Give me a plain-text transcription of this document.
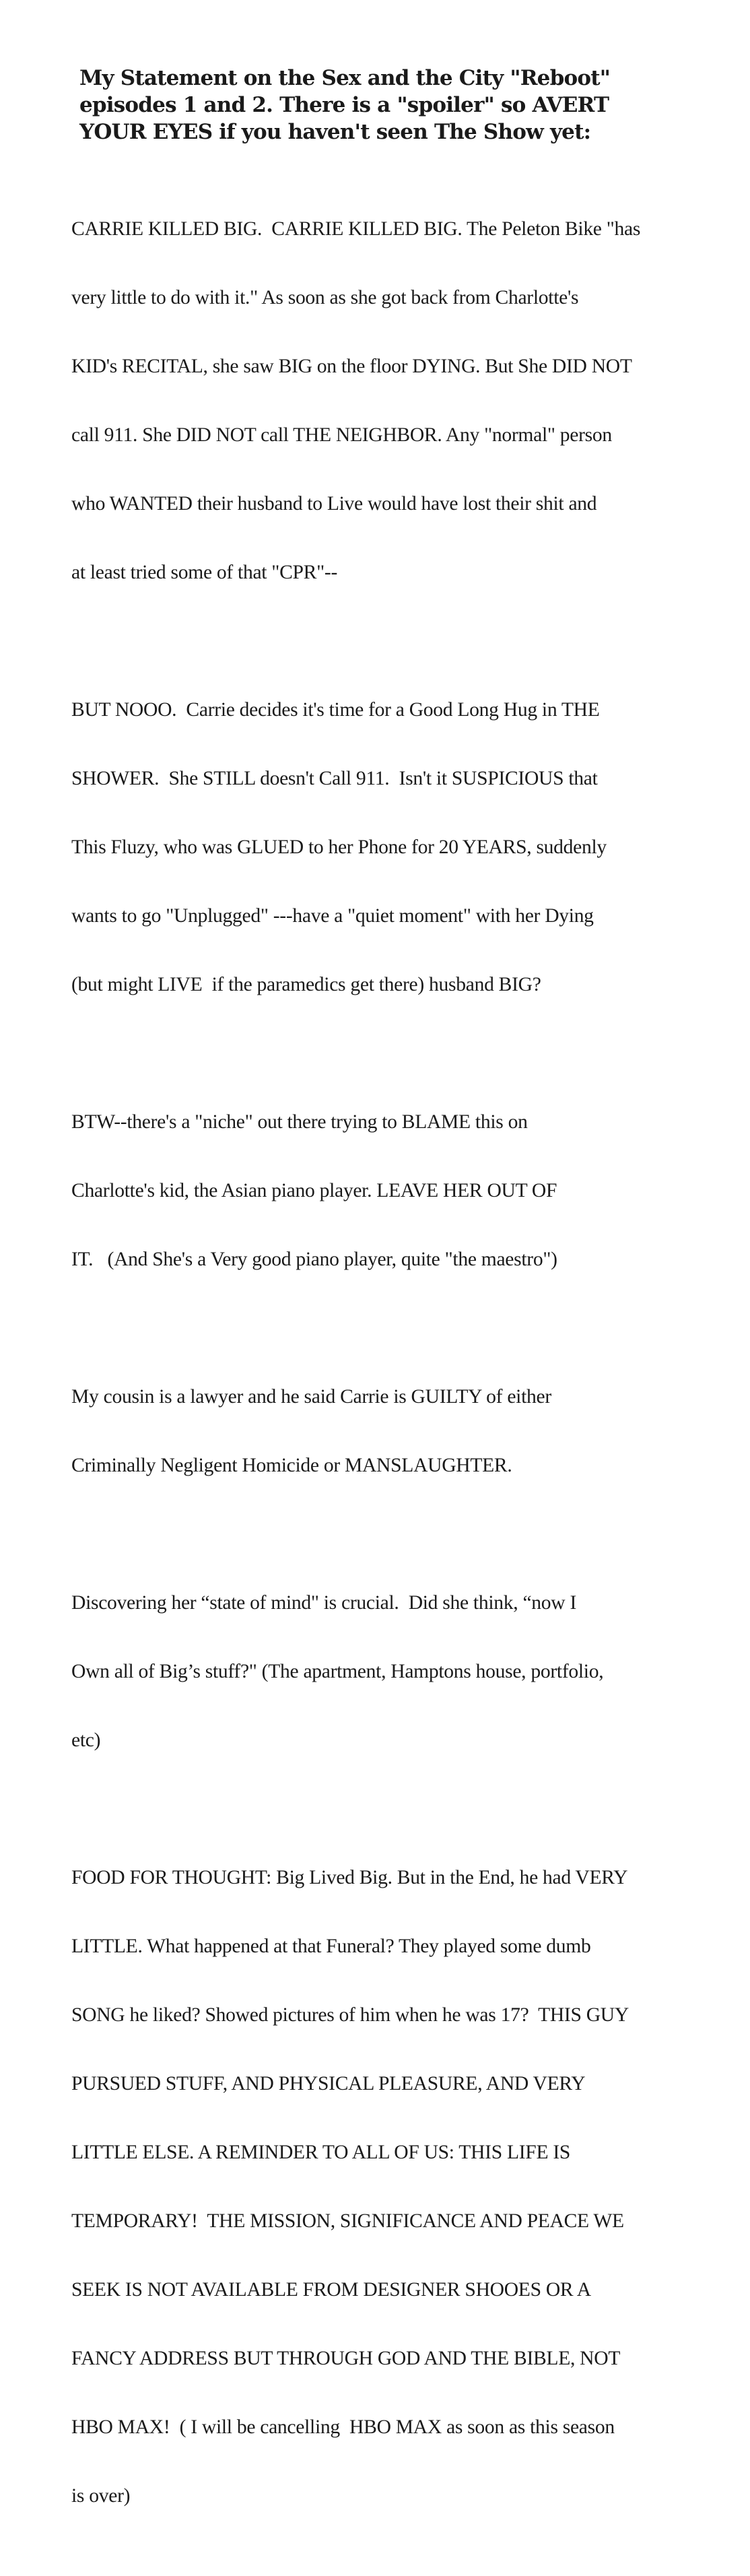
My Statement on the Sex and the City "Reboot"
episodes 1 and 2. There is a "spoiler" so AVERT
YOUR EYES if you haven't seen The Show yet:

CARRIE KILLED BIG.  CARRIE KILLED BIG. The Peleton Bike "has

very little to do with it." As soon as she got back from Charlotte's

KID's RECITAL, she saw BIG on the floor DYING. But She DID NOT

call 911. She DID NOT call THE NEIGHBOR. Any "normal" person

who WANTED their husband to Live would have lost their shit and

at least tried some of that "CPR"--

BUT NOOO.  Carrie decides it's time for a Good Long Hug in THE

SHOWER.  She STILL doesn't Call 911.  Isn't it SUSPICIOUS that

This Fluzy, who was GLUED to her Phone for 20 YEARS, suddenly

wants to go "Unplugged" ---have a "quiet moment" with her Dying

(but might LIVE  if the paramedics get there) husband BIG?

BTW--there's a "niche" out there trying to BLAME this on

Charlotte's kid, the Asian piano player. LEAVE HER OUT OF

IT.   (And She's a Very good piano player, quite "the maestro")

My cousin is a lawyer and he said Carrie is GUILTY of either

Criminally Negligent Homicide or MANSLAUGHTER.

Discovering her “state of mind" is crucial.  Did she think, “now I

Own all of Big’s stuff?" (The apartment, Hamptons house, portfolio,

etc)

FOOD FOR THOUGHT: Big Lived Big. But in the End, he had VERY

LITTLE. What happened at that Funeral? They played some dumb

SONG he liked? Showed pictures of him when he was 17?  THIS GUY

PURSUED STUFF, AND PHYSICAL PLEASURE, AND VERY

LITTLE ELSE. A REMINDER TO ALL OF US: THIS LIFE IS

TEMPORARY!  THE MISSION, SIGNIFICANCE AND PEACE WE

SEEK IS NOT AVAILABLE FROM DESIGNER SHOOES OR A

FANCY ADDRESS BUT THROUGH GOD AND THE BIBLE, NOT

HBO MAX!  ( I will be cancelling  HBO MAX as soon as this season

is over)
